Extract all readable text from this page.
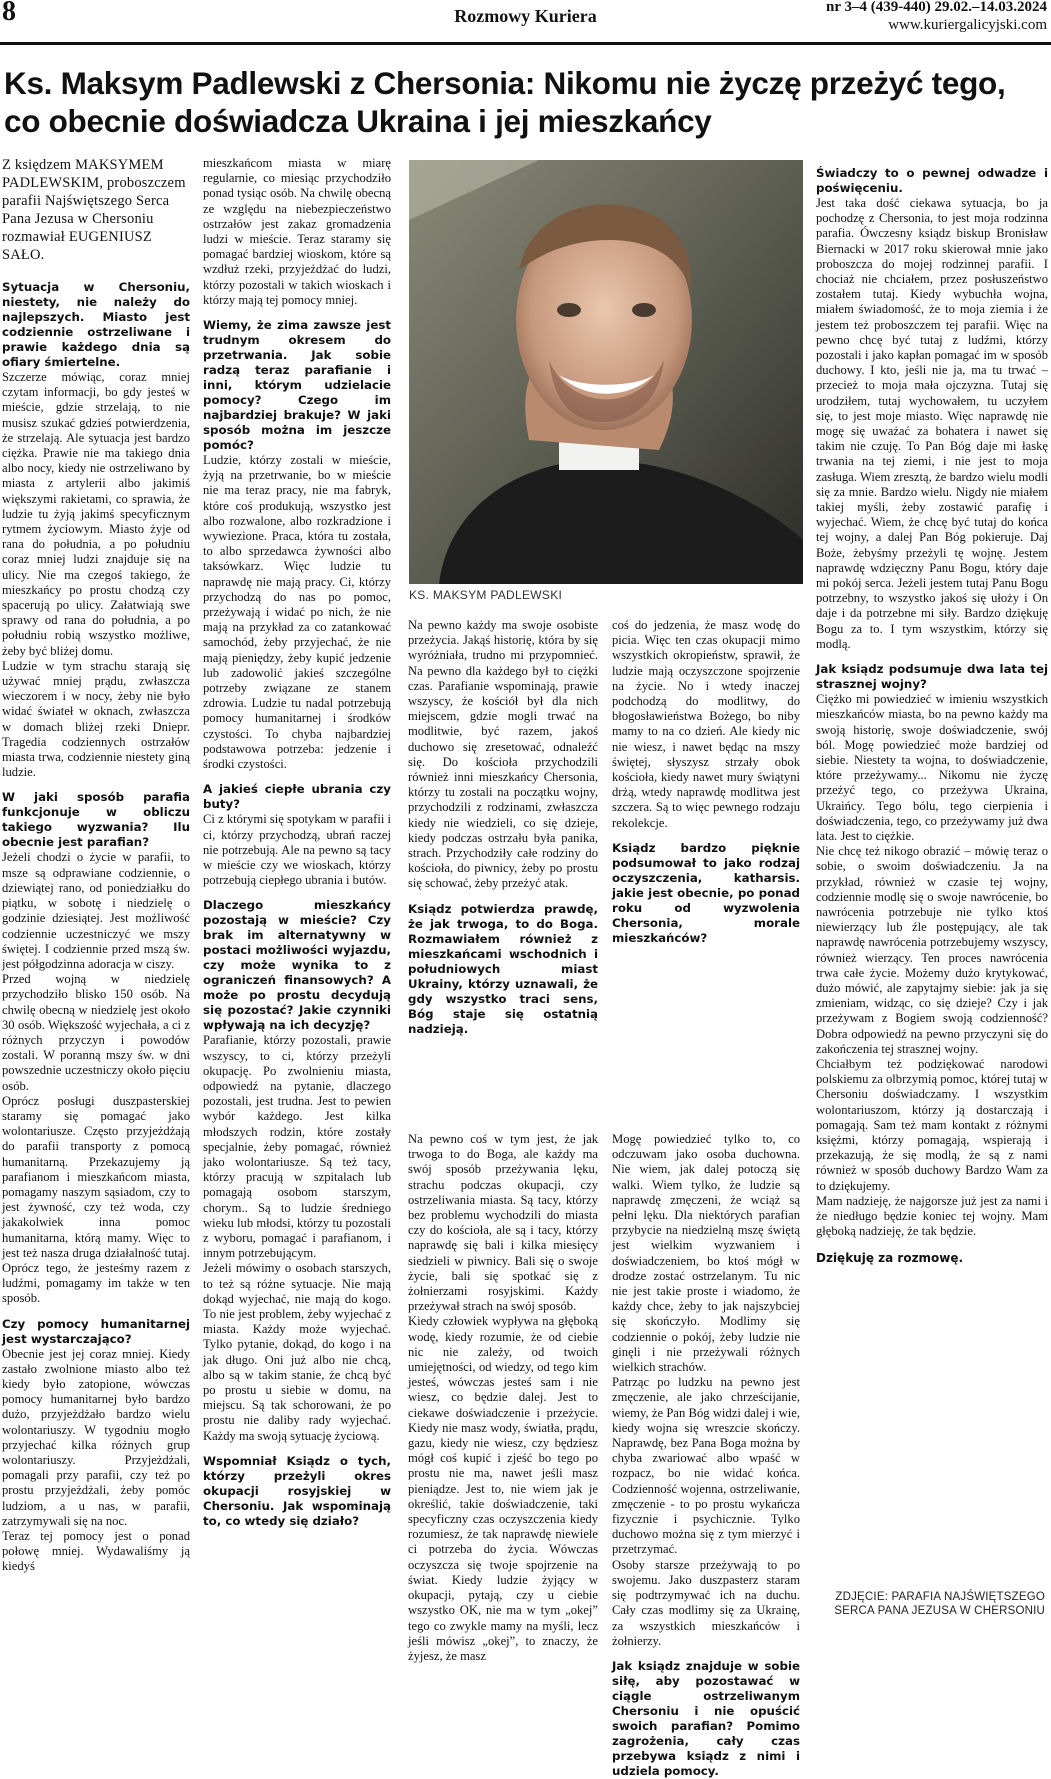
8	Rozmowy Kuriera	nr 3–4 (439-440) 29.02.–14.03.2024
www.kuriergalicyjski.com
Ks. Maksym Padlewski z Chersonia: Nikomu nie życzę przeżyć tego, co obecnie doświadcza Ukraina i jej mieszkańcy

Z księdzem MAKSYMEM PADLEWSKIM, proboszczem parafii Najświętszego Serca Pana Jezusa w Chersoniu rozmawiał EUGENIUSZ SAŁO.

Sytuacja w Chersoniu, niestety, nie należy do najlepszych. Miasto jest codziennie ostrzeliwane i prawie każdego dnia są ofiary śmiertelne.

Szczerze mówiąc, coraz mniej czytam informacji, bo gdy jesteś w mieście, gdzie strzelają, to nie musisz szukać gdzieś potwierdzenia, że strzelają. Ale sytuacja jest bardzo ciężka. Prawie nie ma takiego dnia albo nocy, kiedy nie ostrzeliwano by miasta z artylerii albo jakimiś większymi rakietami, co sprawia, że ludzie tu żyją jakimś specyficznym rytmem życiowym. Miasto żyje od rana do południa, a po południu coraz mniej ludzi znajduje się na ulicy. Nie ma czegoś takiego, że mieszkańcy po prostu chodzą czy spacerują po ulicy. Załatwiają swe sprawy od rana do południa, a po południu robią wszystko możliwe, żeby być bliżej domu.

Ludzie w tym strachu starają się używać mniej prądu, zwłaszcza wieczorem i w nocy, żeby nie było widać świateł w oknach, zwłaszcza w domach bliżej rzeki Dniepr. Tragedia codziennych ostrzałów miasta trwa, codziennie niestety giną ludzie.

W jaki sposób parafia funkcjonuje w obliczu takiego wyzwania? Ilu obecnie jest parafian?

Jeżeli chodzi o życie w parafii, to msze są odprawiane codziennie, o dziewiątej rano, od poniedziałku do piątku, w sobotę i niedzielę o godzinie dziesiątej. Jest możliwość codziennie uczestniczyć we mszy świętej. I codziennie przed mszą św. jest półgodzinna adoracja w ciszy.

Przed wojną w niedzielę przychodziło blisko 150 osób. Na chwilę obecną w niedzielę jest około 30 osób. Większość wyjechała, a ci z różnych przyczyn i powodów zostali. W poranną mszy św. w dni powszednie uczestniczy około pięciu osób.

Oprócz posługi duszpasterskiej staramy się pomagać jako wolontariusze. Często przyjeżdżają do parafii transporty z pomocą humanitarną. Przekazujemy ją parafianom i mieszkańcom miasta, pomagamy naszym sąsiadom, czy to jest żywność, czy też woda, czy jakakolwiek inna pomoc humanitarna, którą mamy. Więc to jest też nasza druga działalność tutaj. Oprócz tego, że jesteśmy razem z ludźmi, pomagamy im także w ten sposób.

Czy pomocy humanitarnej jest wystarczająco?

Obecnie jest jej coraz mniej. Kiedy zastało zwolnione miasto albo też kiedy było zatopione, wówczas pomocy humanitarnej było bardzo dużo, przyjeżdżało bardzo wielu wolontariuszy. W tygodniu mogło przyjechać kilka różnych grup wolontariuszy. Przyjeżdżali, pomagali przy parafii, czy też po prostu przyjeżdżali, żeby pomóc ludziom, a u nas, w parafii, zatrzymywali się na noc.

Teraz tej pomocy jest o ponad połowę mniej. Wydawaliśmy ją kiedyś

mieszkańcom miasta w miarę regularnie, co miesiąc przychodziło ponad tysiąc osób. Na chwilę obecną ze względu na niebezpieczeństwo ostrzałów jest zakaz gromadzenia ludzi w mieście. Teraz staramy się pomagać bardziej wioskom, które są wzdłuż rzeki, przyjeżdżać do ludzi, którzy pozostali w takich wioskach i którzy mają tej pomocy mniej.

Wiemy, że zima zawsze jest trudnym okresem do przetrwania. Jak sobie radzą teraz parafianie i inni, którym udzielacie pomocy? Czego im najbardziej brakuje? W jaki sposób można im jeszcze pomóc?

Ludzie, którzy zostali w mieście, żyją na przetrwanie, bo w mieście nie ma teraz pracy, nie ma fabryk, które coś produkują, wszystko jest albo rozwalone, albo rozkradzione i wywiezione. Praca, która tu została, to albo sprzedawca żywności albo taksówkarz. Więc ludzie tu naprawdę nie mają pracy. Ci, którzy przychodzą do nas po pomoc, przeżywają i widać po nich, że nie mają na przykład za co zatankować samochód, żeby przyjechać, że nie mają pieniędzy, żeby kupić jedzenie lub zadowolić jakieś szczególne potrzeby związane ze stanem zdrowia. Ludzie tu nadal potrzebują pomocy humanitarnej i środków czystości. To chyba najbardziej podstawowa potrzeba: jedzenie i środki czystości.

A jakieś ciepłe ubrania czy buty?

Ci z którymi się spotykam w parafii i ci, którzy przychodzą, ubrań raczej nie potrzebują. Ale na pewno są tacy w mieście czy we wioskach, którzy potrzebują ciepłego ubrania i butów.

Dlaczego mieszkańcy pozostają w mieście? Czy brak im alternatywny w postaci możliwości wyjazdu, czy może wynika to z ograniczeń finansowych? A może po prostu decydują się pozostać? Jakie czynniki wpływają na ich decyzję?

Parafianie, którzy pozostali, prawie wszyscy, to ci, którzy przeżyli okupację. Po zwolnieniu miasta, odpowiedź na pytanie, dlaczego pozostali, jest trudna. Jest to pewien wybór każdego. Jest kilka młodszych rodzin, które zostały specjalnie, żeby pomagać, również jako wolontariusze. Są też tacy, którzy pracują w szpitalach lub pomagają osobom starszym, chorym.. Są to ludzie średniego wieku lub młodsi, którzy tu pozostali z wyboru, pomagać i parafianom, i innym potrzebującym.

Jeżeli mówimy o osobach starszych, to też są różne sytuacje. Nie mają dokąd wyjechać, nie mają do kogo. To nie jest problem, żeby wyjechać z miasta. Każdy może wyjechać. Tylko pytanie, dokąd, do kogo i na jak długo. Oni już albo nie chcą, albo są w takim stanie, że chcą być po prostu u siebie w domu, na miejscu. Są tak schorowani, że po prostu nie daliby rady wyjechać. Każdy ma swoją sytuację życiową.

Wspomniał Ksiądz o tych, którzy przeżyli okres okupacji rosyjskiej w Chersoniu. Jak wspominają to, co wtedy się działo?

KS. MAKSYM PADLEWSKI

Na pewno każdy ma swoje osobiste przeżycia. Jakąś historię, która by się wyróżniała, trudno mi przypomnieć. Na pewno dla każdego był to ciężki czas. Parafianie wspominają, prawie wszyscy, że kościół był dla nich miejscem, gdzie mogli trwać na modlitwie, być razem, jakoś duchowo się zresetować, odnaleźć się. Do kościoła przychodzili również inni mieszkańcy Chersonia, którzy tu zostali na początku wojny, przychodzili z rodzinami, zwłaszcza kiedy nie wiedzieli, co się dzieje, kiedy podczas ostrzału była panika, strach. Przychodziły całe rodziny do kościoła, do piwnicy, żeby po prostu się schować, żeby przeżyć atak.

Ksiądz potwierdza prawdę, że jak trwoga, to do Boga. Rozmawiałem również z mieszkańcami wschodnich i południowych miast Ukrainy, którzy uznawali, że gdy wszystko traci sens, Bóg staje się ostatnią nadzieją.

coś do jedzenia, że masz wodę do picia. Więc ten czas okupacji mimo wszystkich okropieństw, sprawił, że ludzie mają oczyszczone spojrzenie na życie. No i wtedy inaczej podchodzą do modlitwy, do błogosławieństwa Bożego, bo niby mamy to na co dzień. Ale kiedy nic nie wiesz, i nawet będąc na mszy świętej, słyszysz strzały obok kościoła, kiedy nawet mury świątyni drżą, wtedy naprawdę modlitwa jest szczera. Są to więc pewnego rodzaju rekolekcje.

Ksiądz bardzo pięknie podsumował to jako rodzaj oczyszczenia, katharsis. jakie jest obecnie, po ponad roku od wyzwolenia Chersonia, morale mieszkańców?

Na pewno coś w tym jest, że jak trwoga to do Boga, ale każdy ma swój sposób przeżywania lęku, strachu podczas okupacji, czy ostrzeliwania miasta. Są tacy, którzy bez problemu wychodzili do miasta czy do kościoła, ale są i tacy, którzy naprawdę się bali i kilka miesięcy siedzieli w piwnicy. Bali się o swoje życie, bali się spotkać się z żołnierzami rosyjskimi. Każdy przeżywał strach na swój sposób.

Kiedy człowiek wypływa na głęboką wodę, kiedy rozumie, że od ciebie nic nie zależy, od twoich umiejętności, od wiedzy, od tego kim jesteś, wówczas jesteś sam i nie wiesz, co będzie dalej. Jest to ciekawe doświadczenie i przeżycie. Kiedy nie masz wody, światła, prądu, gazu, kiedy nie wiesz, czy będziesz mógł coś kupić i zjeść bo tego po prostu nie ma, nawet jeśli masz pieniądze. Jest to, nie wiem jak je określić, takie doświadczenie, taki specyficzny czas oczyszczenia kiedy rozumiesz, że tak naprawdę niewiele ci potrzeba do życia. Wówczas oczyszcza się twoje spojrzenie na świat. Kiedy ludzie żyjący w okupacji, pytają, czy u ciebie wszystko OK, nie ma w tym „okej” tego co zwykle mamy na myśli, lecz jeśli mówisz „okej”, to znaczy, że żyjesz, że masz

Mogę powiedzieć tylko to, co odczuwam jako osoba duchowna. Nie wiem, jak dalej potoczą się walki. Wiem tylko, że ludzie są naprawdę zmęczeni, że wciąż są pełni lęku. Dla niektórych parafian przybycie na niedzielną mszę świętą jest wielkim wyzwaniem i doświadczeniem, bo ktoś mógł w drodze zostać ostrzelanym. Tu nic nie jest takie proste i wiadomo, że każdy chce, żeby to jak najszybciej się skończyło. Modlimy się codziennie o pokój, żeby ludzie nie ginęli i nie przeżywali różnych wielkich strachów.

Patrząc po ludzku na pewno jest zmęczenie, ale jako chrześcijanie, wiemy, że Pan Bóg widzi dalej i wie, kiedy wojna się wreszcie skończy. Naprawdę, bez Pana Boga można by chyba zwariować albo wpaść w rozpacz, bo nie widać końca. Codzienność wojenna, ostrzeliwanie, zmęczenie - to po prostu wykańcza fizycznie i psychicznie. Tylko duchowo można się z tym mierzyć i przetrzymać.

Osoby starsze przeżywają to po swojemu. Jako duszpasterz staram się podtrzymywać ich na duchu. Cały czas modlimy się za Ukrainę, za wszystkich mieszkańców i żołnierzy.

Jak ksiądz znajduje w sobie siłę, aby pozostawać w ciągle ostrzeliwanym Chersoniu i nie opuścić swoich parafian? Pomimo zagrożenia, cały czas przebywa ksiądz z nimi i udziela pomocy.

Świadczy to o pewnej odwadze i poświęceniu.

Jest taka dość ciekawa sytuacja, bo ja pochodzę z Chersonia, to jest moja rodzinna parafia. Ówczesny ksiądz biskup Bronisław Biernacki w 2017 roku skierował mnie jako proboszcza do mojej rodzinnej parafii. I chociaż nie chciałem, przez posłuszeństwo zostałem tutaj. Kiedy wybuchła wojna, miałem świadomość, że to moja ziemia i że jestem też proboszczem tej parafii. Więc na pewno chcę być tutaj z ludźmi, którzy pozostali i jako kapłan pomagać im w sposób duchowy. I kto, jeśli nie ja, ma tu trwać – przecież to moja mała ojczyzna. Tutaj się urodziłem, tutaj wychowałem, tu uczyłem się, to jest moje miasto. Więc naprawdę nie mogę się uważać za bohatera i nawet się takim nie czuję. To Pan Bóg daje mi łaskę trwania na tej ziemi, i nie jest to moja zasługa. Wiem zresztą, że bardzo wielu modli się za mnie. Bardzo wielu. Nigdy nie miałem takiej myśli, żeby zostawić parafię i wyjechać. Wiem, że chcę być tutaj do końca tej wojny, a dalej Pan Bóg pokieruje. Daj Boże, żebyśmy przeżyli tę wojnę. Jestem naprawdę wdzięczny Panu Bogu, który daje mi pokój serca. Jeżeli jestem tutaj Panu Bogu potrzebny, to wszystko jakoś się ułoży i On daje i da potrzebne mi siły. Bardzo dziękuję Bogu za to. I tym wszystkim, którzy się modlą.

Jak ksiądz podsumuje dwa lata tej strasznej wojny?

Ciężko mi powiedzieć w imieniu wszystkich mieszkańców miasta, bo na pewno każdy ma swoją historię, swoje doświadczenie, swój ból. Mogę powiedzieć może bardziej od siebie. Niestety ta wojna, to doświadczenie, które przeżywamy... Nikomu nie życzę przeżyć tego, co przeżywa Ukraina, Ukraińcy. Tego bólu, tego cierpienia i doświadczenia, tego, co przeżywamy już dwa lata. Jest to ciężkie.

Nie chcę też nikogo obrazić – mówię teraz o sobie, o swoim doświadczeniu. Ja na przykład, również w czasie tej wojny, codziennie modlę się o swoje nawrócenie, bo nawrócenia potrzebuje nie tylko ktoś niewierzący lub źle postępujący, ale tak naprawdę nawrócenia potrzebujemy wszyscy, również wierzący. Ten proces nawrócenia trwa całe życie. Możemy dużo krytykować, dużo mówić, ale zapytajmy siebie: jak ja się zmieniam, widząc, co się dzieje? Czy i jak przeżywam z Bogiem swoją codzienność? Dobra odpowiedź na pewno przyczyni się do zakończenia tej strasznej wojny.

Chciałbym też podziękować narodowi polskiemu za olbrzymią pomoc, której tutaj w Chersoniu doświadczamy. I wszystkim wolontariuszom, którzy ją dostarczają i pomagają. Sam też mam kontakt z różnymi księżmi, którzy pomagają, wspierają i przekazują, że się modlą, że są z nami również w sposób duchowy Bardzo Wam za to dziękujemy.

Mam nadzieję, że najgorsze już jest za nami i że niedługo będzie koniec tej wojny. Mam głęboką nadzieję, że tak będzie.

Dziękuję za rozmowę.
ZDJĘCIE: PARAFIA NAJŚWIĘTSZEGO SERCA PANA JEZUSA W CHERSONIU
